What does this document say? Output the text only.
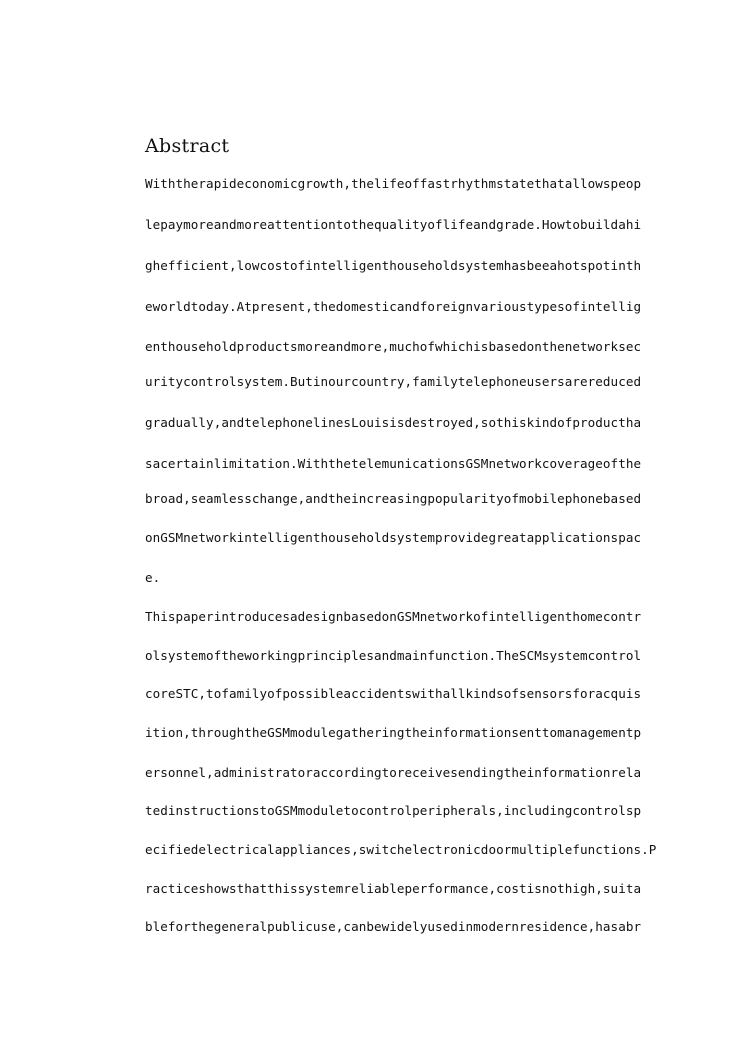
Abstract
Withtherapideconomicgrowth,thelifeoffastrhythmstatethatallowspeop
lepaymoreandmoreattentiontothequalityoflifeandgrade.Howtobuildahi
ghefficient,lowcostofintelligenthouseholdsystemhasbeeahotspotinth
eworldtoday.Atpresent,thedomesticandforeignvarioustypesofintellig
enthouseholdproductsmoreandmore,muchofwhichisbasedonthenetworksec
uritycontrolsystem.Butinourcountry,familytelephoneusersarereduced
gradually,andtelephonelinesLouisisdestroyed,sothiskindofproductha
sacertainlimitation.WiththetelemunicationsGSMnetworkcoverageofthe
broad,seamlesschange,andtheincreasingpopularityofmobilephonebased
onGSMnetworkintelligenthouseholdsystemprovidegreatapplicationspac
e.
ThispaperintroducesadesignbasedonGSMnetworkofintelligenthomecontr
olsystemoftheworkingprinciplesandmainfunction.TheSCMsystemcontrol
coreSTC,tofamilyofpossibleaccidentswithallkindsofsensorsforacquis
ition,throughtheGSMmodulegatheringtheinformationsenttomanagementp
ersonnel,administratoraccordingtoreceivesendingtheinformationrela
tedinstructionstoGSMmoduletocontrolperipherals,includingcontrolsp
ecifiedelectricalappliances,switchelectronicdoormultiplefunctions.P
racticeshowsthatthissystemreliableperformance,costisnothigh,suita
bleforthegeneralpublicuse,canbewidelyusedinmodernresidence,hasabr
